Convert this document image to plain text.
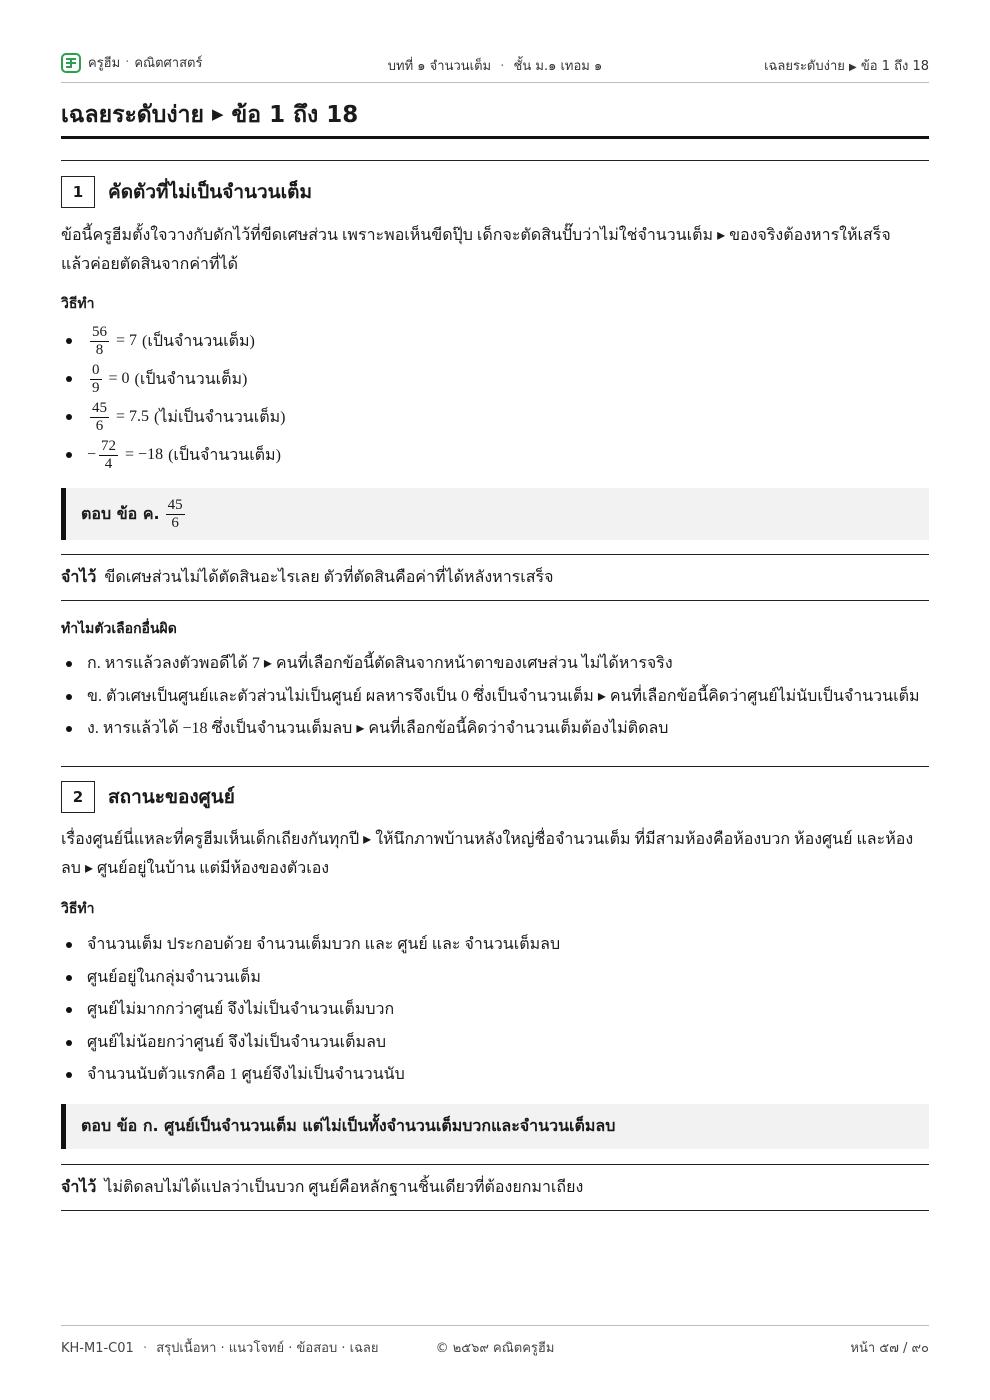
ครูฮีม · คณิตศาสตร์	บทที่ ๑ จำนวนเต็ม · ชั้น ม.๑ เทอม ๑	เฉลยระดับง่าย ▶ ข้อ 1 ถึง 18
เฉลยระดับง่าย ▶ ข้อ 1 ถึง 18
1	คัดตัวที่ไม่เป็นจำนวนเต็ม
ข้อนี้ครูฮีมตั้งใจวางกับดักไว้ที่ขีดเศษส่วน เพราะพอเห็นขีดปุ๊บ เด็กจะตัดสินปั๊บว่าไม่ใช่จำนวนเต็ม ▸ ของจริงต้องหารให้เสร็จ แล้วค่อยตัดสินจากค่าที่ได้
วิธีทำ
$\frac{56}{8} = 7$ (เป็นจำนวนเต็ม)
$\frac{0}{9} = 0$ (เป็นจำนวนเต็ม)
$\frac{45}{6} = 7.5$ (ไม่เป็นจำนวนเต็ม)
− $\frac{72}{4} = -18$ (เป็นจำนวนเต็ม)
ตอบ ข้อ ค. $\frac{45}{6}$
จำไว้ ขีดเศษส่วนไม่ได้ตัดสินอะไรเลย ตัวที่ตัดสินคือค่าที่ได้หลังหารเสร็จ
ทำไมตัวเลือกอื่นผิด
ก. หารแล้วลงตัวพอดีได้ 7 ▸ คนที่เลือกข้อนี้ตัดสินจากหน้าตาของเศษส่วน ไม่ได้หารจริง
ข. ตัวเศษเป็นศูนย์และตัวส่วนไม่เป็นศูนย์ ผลหารจึงเป็น 0 ซึ่งเป็นจำนวนเต็ม ▸ คนที่เลือกข้อนี้คิดว่าศูนย์ไม่นับเป็นจำนวนเต็ม
ง. หารแล้วได้ −18 ซึ่งเป็นจำนวนเต็มลบ ▸ คนที่เลือกข้อนี้คิดว่าจำนวนเต็มต้องไม่ติดลบ
2	สถานะของศูนย์
เรื่องศูนย์นี่แหละที่ครูฮีมเห็นเด็กเถียงกันทุกปี ▸ ให้นึกภาพบ้านหลังใหญ่ชื่อจำนวนเต็ม ที่มีสามห้องคือห้องบวก ห้องศูนย์ และห้องลบ ▸ ศูนย์อยู่ในบ้าน แต่มีห้องของตัวเอง
วิธีทำ
จำนวนเต็ม ประกอบด้วย จำนวนเต็มบวก และ ศูนย์ และ จำนวนเต็มลบ
ศูนย์อยู่ในกลุ่มจำนวนเต็ม
ศูนย์ไม่มากกว่าศูนย์ จึงไม่เป็นจำนวนเต็มบวก
ศูนย์ไม่น้อยกว่าศูนย์ จึงไม่เป็นจำนวนเต็มลบ
จำนวนนับตัวแรกคือ 1 ศูนย์จึงไม่เป็นจำนวนนับ
ตอบ ข้อ ก. ศูนย์เป็นจำนวนเต็ม แต่ไม่เป็นทั้งจำนวนเต็มบวกและจำนวนเต็มลบ
จำไว้ ไม่ติดลบไม่ได้แปลว่าเป็นบวก ศูนย์คือหลักฐานชิ้นเดียวที่ต้องยกมาเถียง
KH-M1-C01 · สรุปเนื้อหา · แนวโจทย์ · ข้อสอบ · เฉลย	© ๒๕๖๙ คณิตครูฮีม	หน้า ๕๗ / ๙๐
